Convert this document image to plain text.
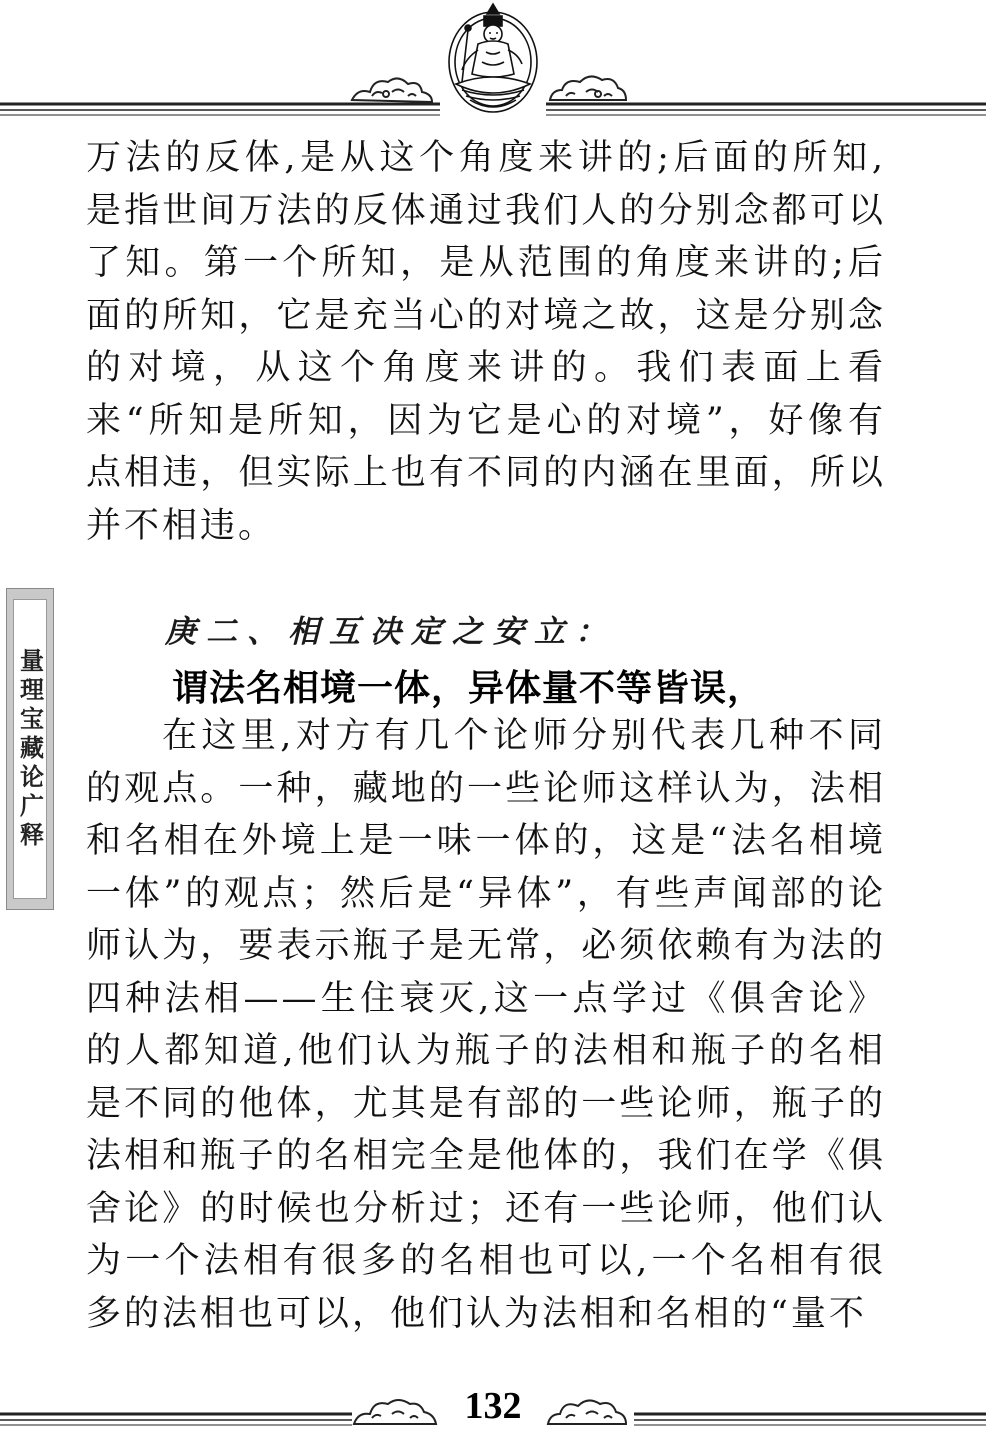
量理宝藏论广释

万法的反体,是从这个角度来讲的;后面的所知,是指世间万法的反体通过我们人的分别念都可以了知。第一个所知，是从范围的角度来讲的;后面的所知，它是充当心的对境之故，这是分别念的对境，从这个角度来讲的。我们表面上看来“所知是所知，因为它是心的对境”，好像有点相违，但实际上也有不同的内涵在里面，所以并不相违。

庚二、相互决定之安立：

谓法名相境一体，异体量不等皆误，

在这里,对方有几个论师分别代表几种不同的观点。一种，藏地的一些论师这样认为，法相和名相在外境上是一味一体的，这是“法名相境一体”的观点；然后是“异体”，有些声闻部的论师认为，要表示瓶子是无常，必须依赖有为法的四种法相——生住衰灭,这一点学过《俱舍论》的人都知道,他们认为瓶子的法相和瓶子的名相是不同的他体，尤其是有部的一些论师，瓶子的法相和瓶子的名相完全是他体的，我们在学《俱舍论》的时候也分析过；还有一些论师，他们认为一个法相有很多的名相也可以,一个名相有很多的法相也可以，他们认为法相和名相的“量不

132
